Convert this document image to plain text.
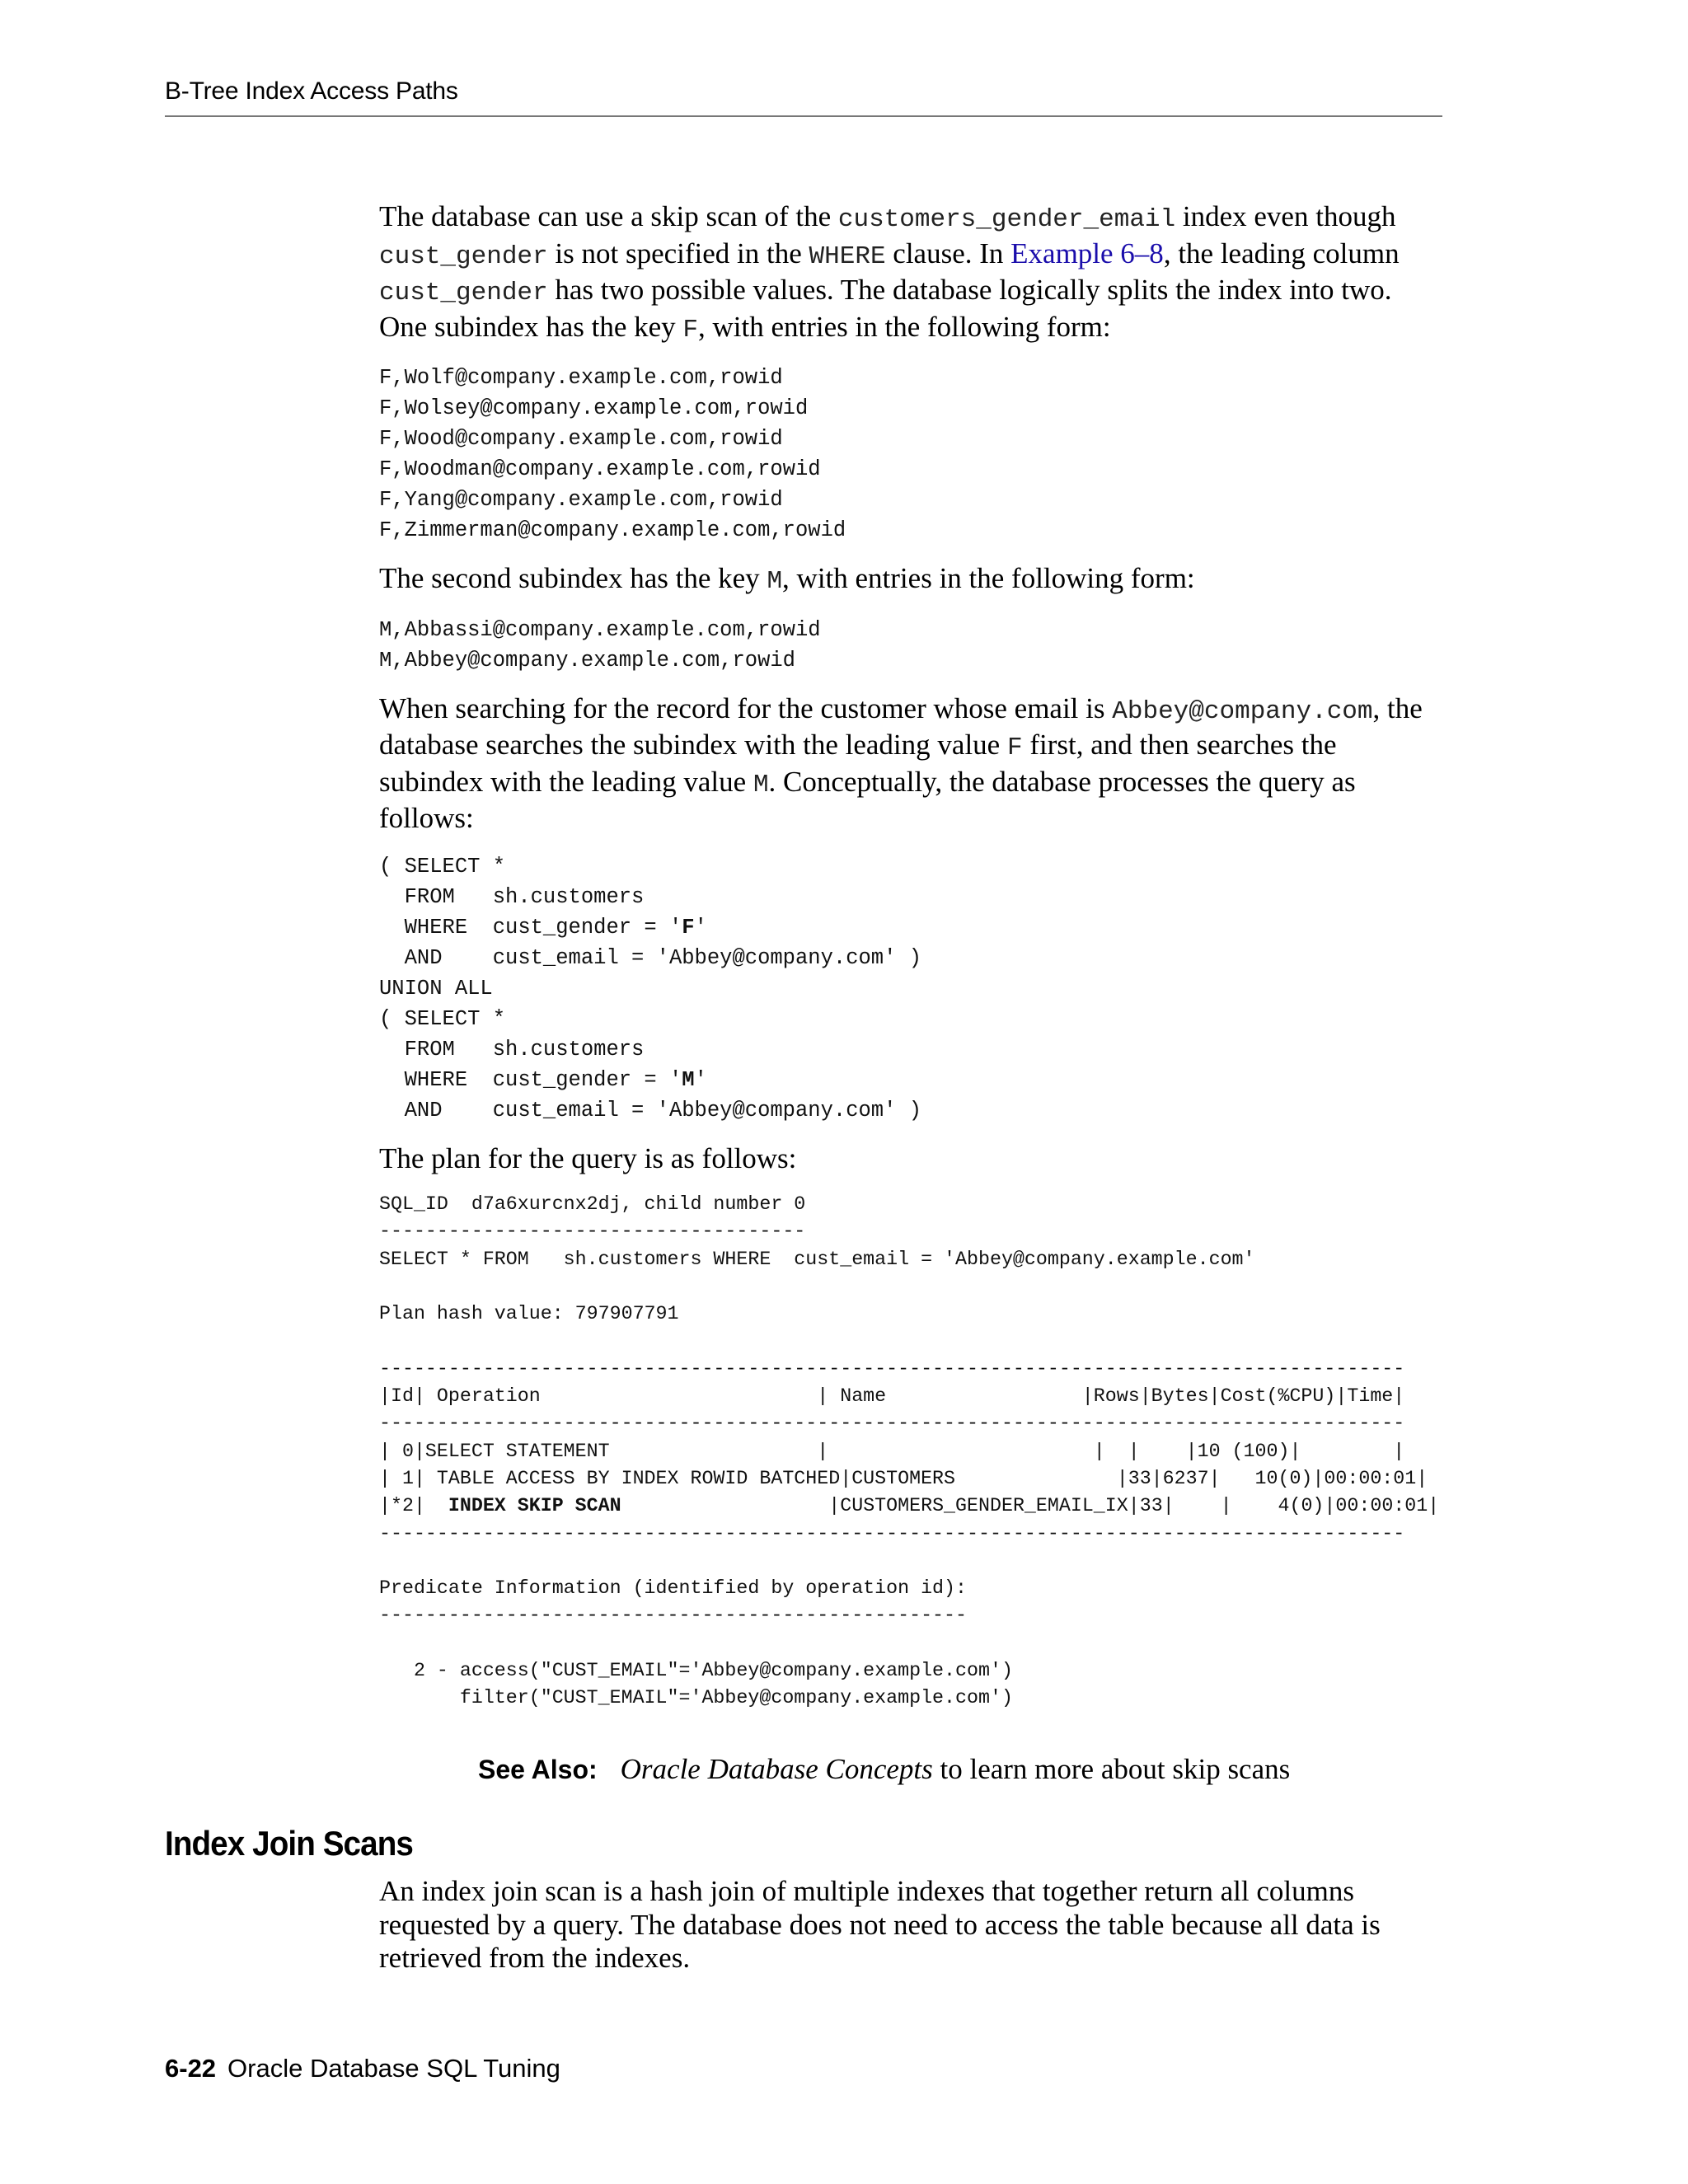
B-Tree Index Access Paths

The database can use a skip scan of the customers_gender_email index even though cust_gender is not specified in the WHERE clause. In Example 6–8, the leading column cust_gender has two possible values. The database logically splits the index into two. One subindex has the key F, with entries in the following form:

F,Wolf@company.example.com,rowid
F,Wolsey@company.example.com,rowid
F,Wood@company.example.com,rowid
F,Woodman@company.example.com,rowid
F,Yang@company.example.com,rowid
F,Zimmerman@company.example.com,rowid

The second subindex has the key M, with entries in the following form:

M,Abbassi@company.example.com,rowid
M,Abbey@company.example.com,rowid

When searching for the record for the customer whose email is Abbey@company.com, the database searches the subindex with the leading value F first, and then searches the subindex with the leading value M. Conceptually, the database processes the query as follows:

( SELECT *
FROM   sh.customers
WHERE  cust_gender = 'F'
AND    cust_email = 'Abbey@company.com' )
UNION ALL
( SELECT *
FROM   sh.customers
WHERE  cust_gender = 'M'
AND    cust_email = 'Abbey@company.com' )

The plan for the query is as follows:

SQL_ID  d7a6xurcnx2dj, child number 0
-------------------------------------
SELECT * FROM   sh.customers WHERE  cust_email = 'Abbey@company.example.com'

Plan hash value: 797907791

-----------------------------------------------------------------------------------------
|Id| Operation                        | Name                 |Rows|Bytes|Cost(%CPU)|Time|
-----------------------------------------------------------------------------------------
| 0|SELECT STATEMENT                  |                       |  |    |10 (100)|        |
| 1| TABLE ACCESS BY INDEX ROWID BATCHED|CUSTOMERS              |33|6237|   10(0)|00:00:01|
|*2|  INDEX SKIP SCAN                  |CUSTOMERS_GENDER_EMAIL_IX|33|    |    4(0)|00:00:01|
-----------------------------------------------------------------------------------------

Predicate Information (identified by operation id):
---------------------------------------------------

2 - access("CUST_EMAIL"='Abbey@company.example.com')
filter("CUST_EMAIL"='Abbey@company.example.com')
See Also: Oracle Database Concepts to learn more about skip scans
Index Join Scans

An index join scan is a hash join of multiple indexes that together return all columns requested by a query. The database does not need to access the table because all data is retrieved from the indexes.

6-22 Oracle Database SQL Tuning
